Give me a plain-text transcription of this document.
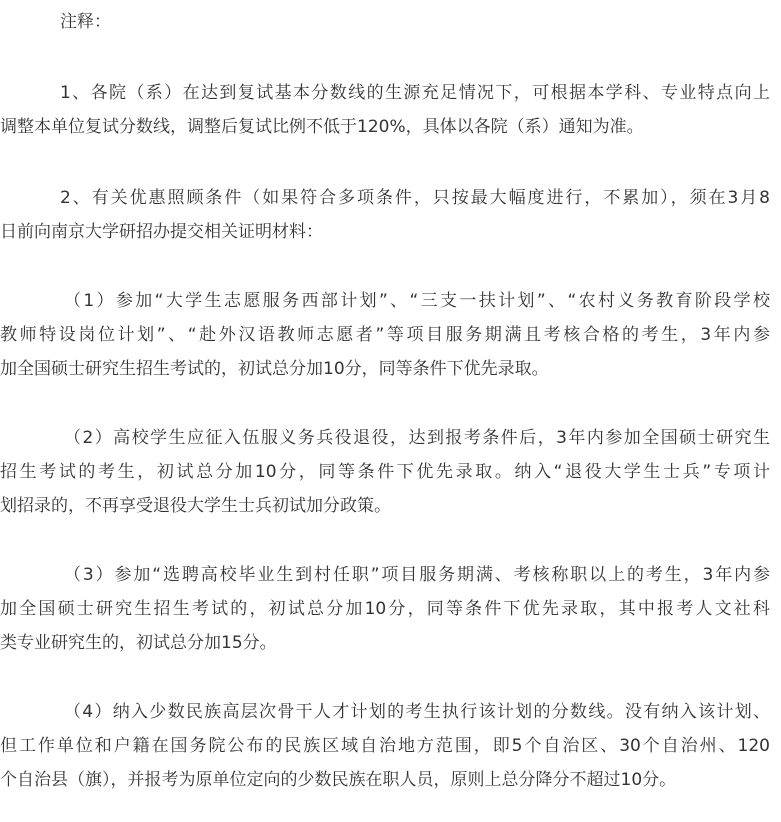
注释：

1、各院（系）在达到复试基本分数线的生源充足情况下，可根据本学科、专业特点向上
调整本单位复试分数线，调整后复试比例不低于120%，具体以各院（系）通知为准。
2、有关优惠照顾条件（如果符合多项条件，只按最大幅度进行，不累加），须在3月8
日前向南京大学研招办提交相关证明材料：
（1）参加“大学生志愿服务西部计划”、“三支一扶计划”、“农村义务教育阶段学校
教师特设岗位计划”、“赴外汉语教师志愿者”等项目服务期满且考核合格的考生，3年内参
加全国硕士研究生招生考试的，初试总分加10分，同等条件下优先录取。
（2）高校学生应征入伍服义务兵役退役，达到报考条件后，3年内参加全国硕士研究生
招生考试的考生，初试总分加10分，同等条件下优先录取。纳入“退役大学生士兵”专项计
划招录的，不再享受退役大学生士兵初试加分政策。
（3）参加“选聘高校毕业生到村任职”项目服务期满、考核称职以上的考生，3年内参
加全国硕士研究生招生考试的，初试总分加10分，同等条件下优先录取，其中报考人文社科
类专业研究生的，初试总分加15分。
（4）纳入少数民族高层次骨干人才计划的考生执行该计划的分数线。没有纳入该计划、
但工作单位和户籍在国务院公布的民族区域自治地方范围，即5个自治区、30个自治州、120
个自治县（旗），并报考为原单位定向的少数民族在职人员，原则上总分降分不超过10分。
